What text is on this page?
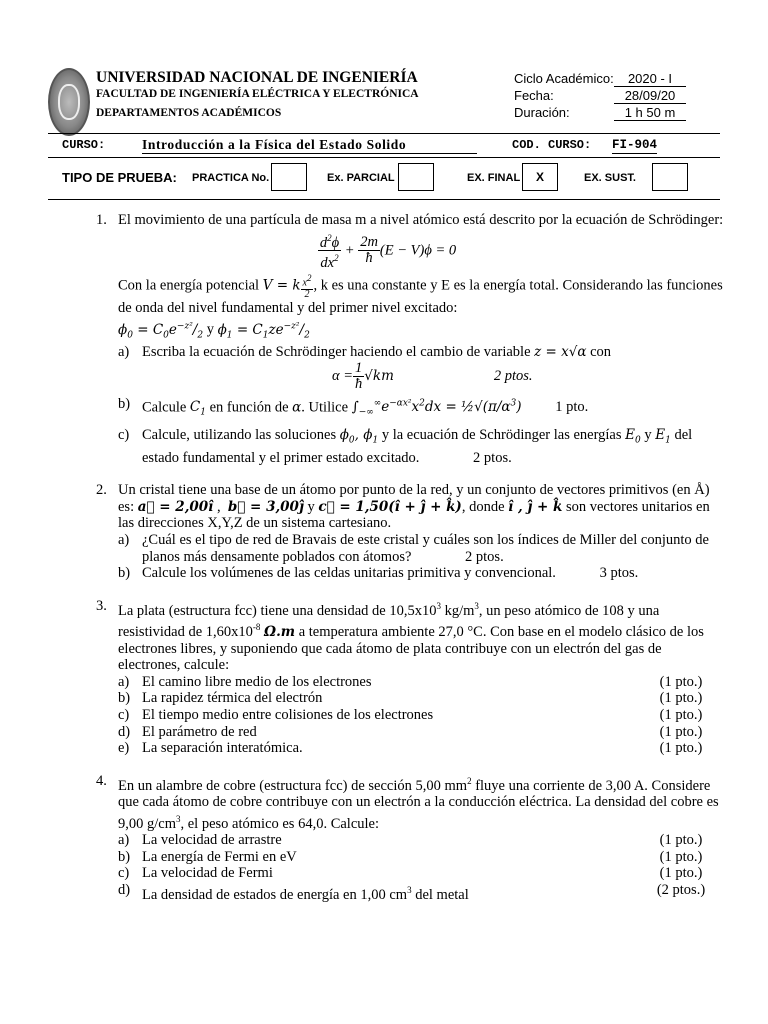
UNIVERSIDAD NACIONAL DE INGENIERÍA
FACULTAD DE INGENIERÍA ELÉCTRICA Y ELECTRÓNICA
DEPARTAMENTOS ACADÉMICOS
Ciclo Académico:	2020 - I
Fecha:	28/09/20
Duración:	1 h 50 m
CURSO:	Introducción a la Física del Estado Solido	COD. CURSO: FI-904
TIPO DE PRUEBA: PRACTICA No.	Ex. PARCIAL	EX. FINAL	X	EX. SUST.
1. El movimiento de una partícula de masa m a nivel atómico está descrito por la ecuación de Schrödinger:
$\frac{d^2\phi}{dx^2} + \frac{2m}{ħ} (E - V)\phi = 0$
Con la energía potencial V = k $\frac{x^2}{2}$ , k es una constante y E es la energía total. Considerando las funciones de onda del nivel fundamental y del primer nivel excitado:
$\phi_0 = C_0e^{-z^2}/_2$ y $\phi_1 = C_1ze^{-z^2}/_2$
a) Escriba la ecuación de Schrödinger haciendo el cambio de variable z = x√α con
$\alpha = \frac{1}{ħ} √km$	2 ptos.
b) Calcule $C_1$ en función de α. Utilice $\int_{-\infty}^\infty e^{-\alpha x^2}x^2dx$ = $\frac{1}{2}√(\pi/\alpha^3)$ 1 pto.
c) Calcule, utilizando las soluciones $\phi_0$, $\phi_1$ y la ecuación de Schrödinger las energías $E_0$ y $E_1$ del estado fundamental y el primer estado excitado.	2 ptos.
2. Un cristal tiene una base de un átomo por punto de la red, y un conjunto de vectores primitivos (en Å) es: a⃗ = 2,00î ,  b⃗ = 3,00ĵ y c⃗ = 1,50(î + ĵ + k̂), donde î , ĵ + k̂ son vectores unitarios en las direcciones X,Y,Z de un sistema cartesiano.
a) ¿Cuál es el tipo de red de Bravais de este cristal y cuáles son los índices de Miller del conjunto de planos más densamente poblados con átomos?	2 ptos.
b) Calcule los volúmenes de las celdas unitarias primitiva y convencional.	3 ptos.
3. La plata (estructura fcc) tiene una densidad de $10,5x10^3$ $kg/m^3$, un peso atómico de 108 y una resistividad de $1,60x10^{-8}$ Ω.m a temperatura ambiente 27,0 °C. Con base en el modelo clásico de los electrones libres, y suponiendo que cada átomo de plata contribuye con un electrón del gas de electrones, calcule:
a) El camino libre medio de los electrones	(1 pto.)
b) La rapidez térmica del electrón	(1 pto.)
c) El tiempo medio entre colisiones de los electrones	(1 pto.)
d) El parámetro de red	(1 pto.)
e) La separación interatómica.	(1 pto.)
4. En un alambre de cobre (estructura fcc) de sección 5,00 $mm^2$ fluye una corriente de 3,00 A. Considere que cada átomo de cobre contribuye con un electrón a la conducción eléctrica. La densidad del cobre es 9,00 $g/cm^3$, el peso atómico es 64,0. Calcule:
a) La velocidad de arrastre	(1 pto.)
b) La energía de Fermi en eV	(1 pto.)
c) La velocidad de Fermi	(1 pto.)
d) La densidad de estados de energía en 1,00 $cm^3$ del metal	(2 ptos.)
